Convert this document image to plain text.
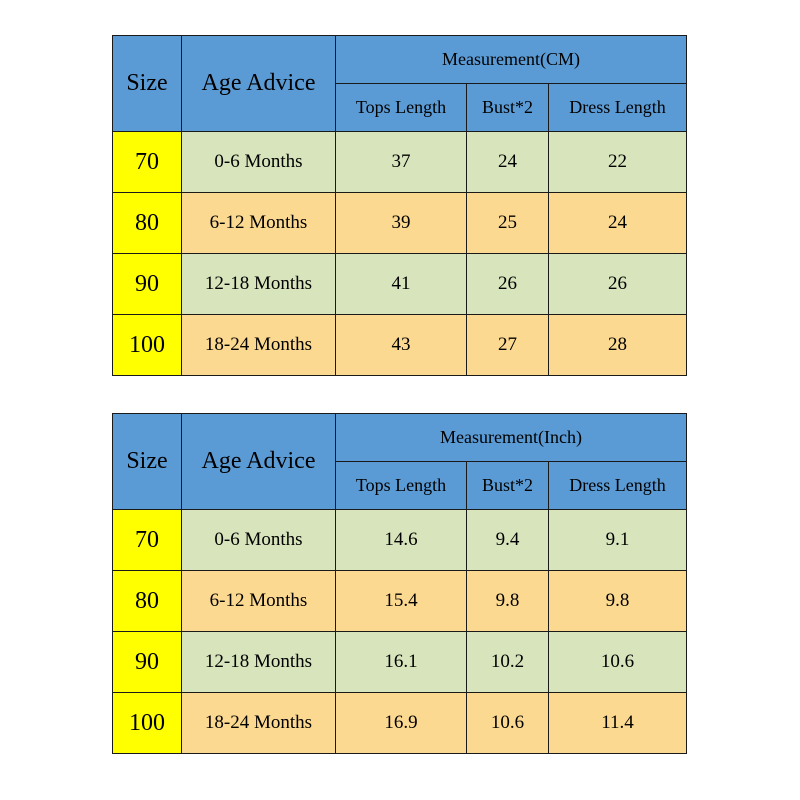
Size	Age Advice	Measurement(CM)		
		Tops Length	Bust*2	Dress Length
70	0-6 Months	37	24	22
80	6-12 Months	39	25	24
90	12-18 Months	41	26	26
100	18-24 Months	43	27	28
Size	Age Advice	Measurement(Inch)		
		Tops Length	Bust*2	Dress Length
70	0-6 Months	14.6	9.4	9.1
80	6-12 Months	15.4	9.8	9.8
90	12-18 Months	16.1	10.2	10.6
100	18-24 Months	16.9	10.6	11.4
